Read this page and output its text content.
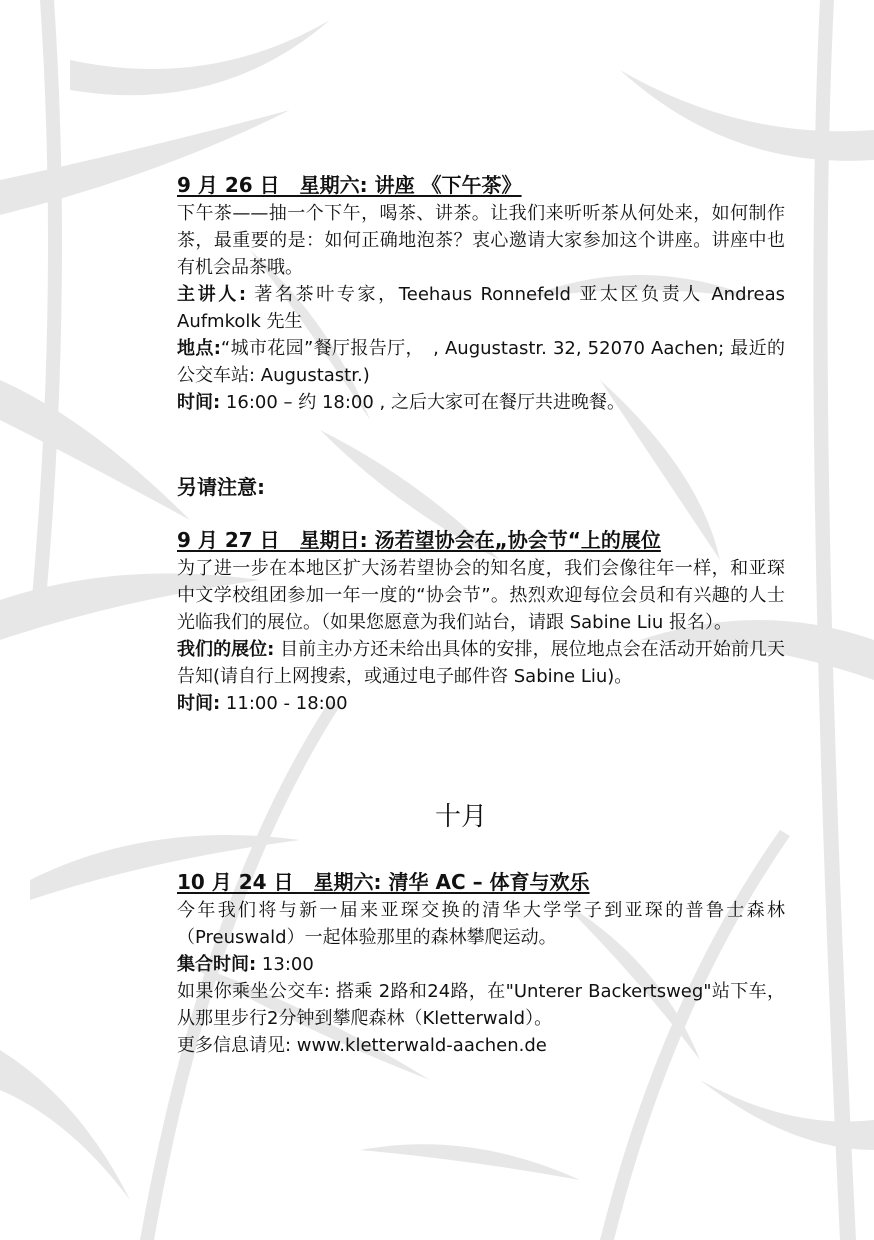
9 月 26 日　星期六: 讲座 《下午茶》
下午茶——抽一个下午，喝茶、讲茶。让我们来听听茶从何处来，如何制作茶，最重要的是：如何正确地泡茶？衷心邀请大家参加这个讲座。讲座中也有机会品茶哦。
主讲人: 著名茶叶专家，Teehaus Ronnefeld 亚太区负责人 Andreas Aufmkolk 先生
地点:“城市花园”餐厅报告厅，　, Augustastr. 32, 52070 Aachen; 最近的公交车站: Augustastr.)
时间: 16:00 – 约 18:00 , 之后大家可在餐厅共进晚餐。
另请注意:
9 月 27 日　星期日: 汤若望协会在„协会节“上的展位
为了进一步在本地区扩大汤若望协会的知名度，我们会像往年一样，和亚琛中文学校组团参加一年一度的“协会节”。热烈欢迎每位会员和有兴趣的人士光临我们的展位。（如果您愿意为我们站台，请跟 Sabine Liu 报名）。
我们的展位: 目前主办方还未给出具体的安排，展位地点会在活动开始前几天告知(请自行上网搜索，或通过电子邮件咨 Sabine Liu)。
时间: 11:00 - 18:00
十月
10 月 24 日　星期六: 清华 AC – 体育与欢乐
今年我们将与新一届来亚琛交换的清华大学学子到亚琛的普鲁士森林（Preuswald）一起体验那里的森林攀爬运动。
集合时间: 13:00
如果你乘坐公交车: 搭乘 2路和24路，在"Unterer Backertsweg"站下车，从那里步行2分钟到攀爬森林（Kletterwald）。
更多信息请见: www.kletterwald-aachen.de
